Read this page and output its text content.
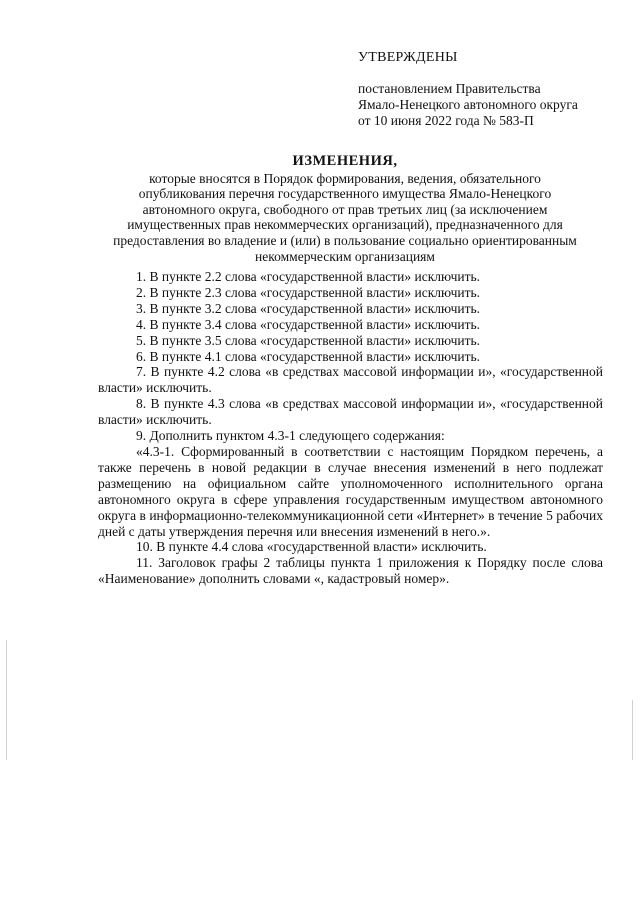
УТВЕРЖДЕНЫ
постановлением Правительства
Ямало-Ненецкого автономного округа
от 10 июня 2022 года № 583-П
ИЗМЕНЕНИЯ,
которые вносятся в Порядок формирования, ведения, обязательного
опубликования перечня государственного имущества Ямало-Ненецкого
автономного округа, свободного от прав третьих лиц (за исключением
имущественных прав некоммерческих организаций), предназначенного для
предоставления во владение и (или) в пользование социально ориентированным
некоммерческим организациям

1. В пункте 2.2 слова «государственной власти» исключить.

2. В пункте 2.3 слова «государственной власти» исключить.

3. В пункте 3.2 слова «государственной власти» исключить.

4. В пункте 3.4 слова «государственной власти» исключить.

5. В пункте 3.5 слова «государственной власти» исключить.

6. В пункте 4.1 слова «государственной власти» исключить.

7. В пункте 4.2 слова «в средствах массовой информации и», «государственной власти» исключить.

8. В пункте 4.3 слова «в средствах массовой информации и», «государственной власти» исключить.

9. Дополнить пунктом 4.3-1 следующего содержания:

«4.3-1. Сформированный в соответствии с настоящим Порядком перечень, а также перечень в новой редакции в случае внесения изменений в него подлежат размещению на официальном сайте уполномоченного исполнительного органа автономного округа в сфере управления государственным имуществом автономного округа в информационно-телекоммуникационной сети «Интернет» в течение 5 рабочих дней с даты утверждения перечня или внесения изменений в него.».

10. В пункте 4.4 слова «государственной власти» исключить.

11. Заголовок графы 2 таблицы пункта 1 приложения к Порядку после слова «Наименование» дополнить словами «, кадастровый номер».
